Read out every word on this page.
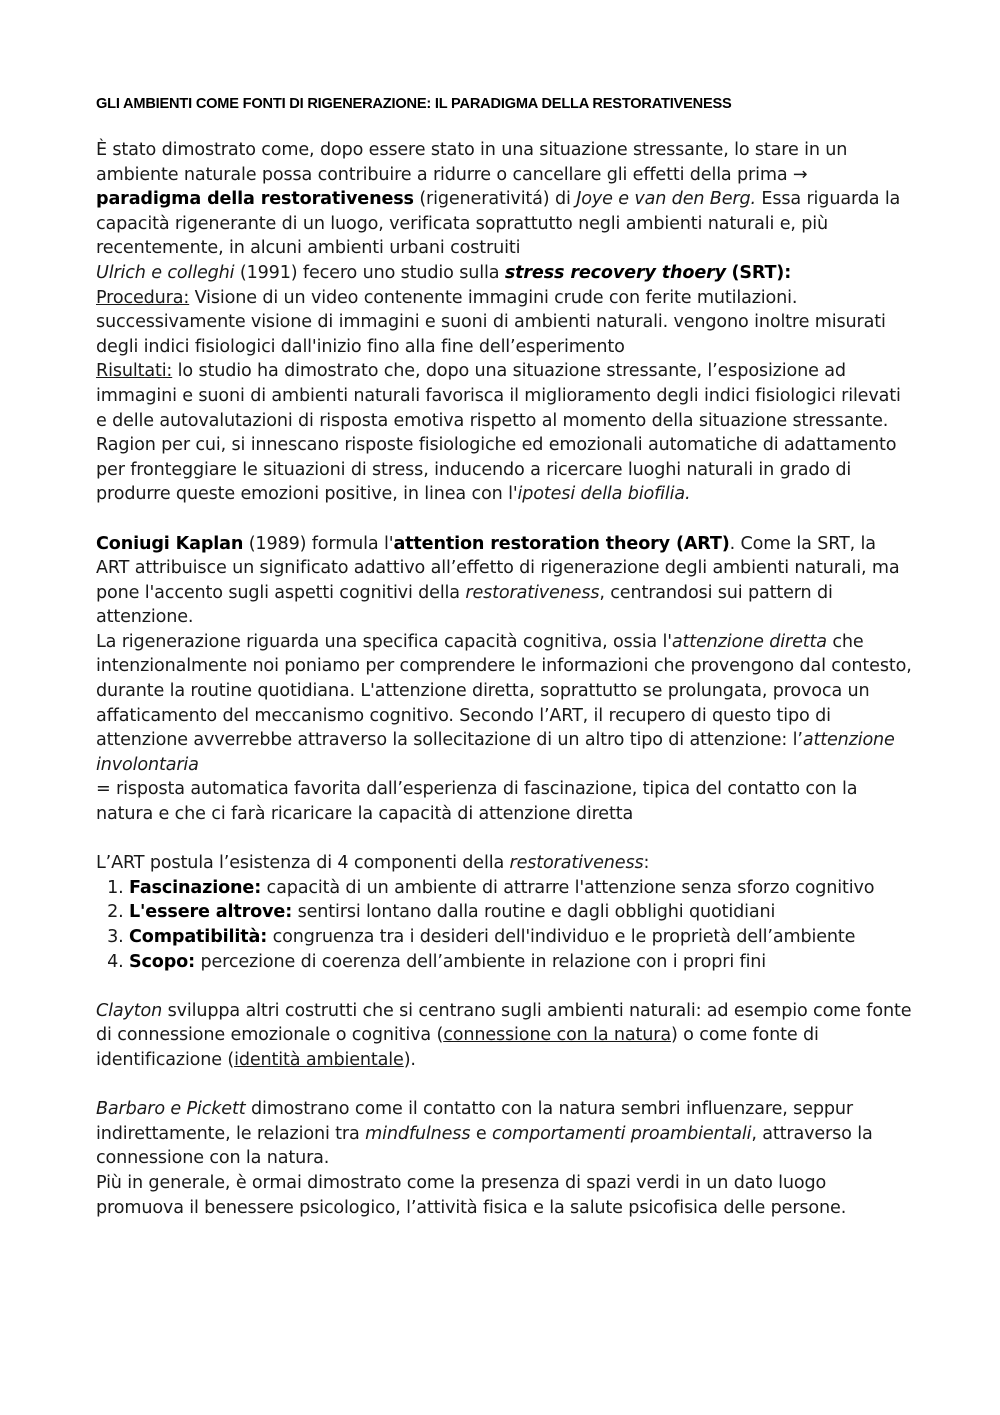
GLI AMBIENTI COME FONTI DI RIGENERAZIONE: IL PARADIGMA DELLA RESTORATIVENESS

È stato dimostrato come, dopo essere stato in una situazione stressante, lo stare in un ambiente naturale possa contribuire a ridurre o cancellare gli effetti della prima →  paradigma della restorativeness (rigenerativitá) di Joye e van den Berg. Essa riguarda la capacità rigenerante di un luogo, verificata soprattutto negli ambienti naturali e, più recentemente, in alcuni ambienti urbani costruiti

Ulrich e colleghi (1991) fecero uno studio sulla stress recovery thoery (SRT):

Procedura: Visione di un video contenente immagini crude con ferite mutilazioni. successivamente visione di immagini e suoni di ambienti naturali. vengono inoltre misurati degli indici fisiologici dall'inizio fino alla fine dell’esperimento

Risultati: lo studio ha dimostrato che, dopo una situazione stressante, l’esposizione ad immagini e suoni di ambienti naturali favorisca il miglioramento degli indici fisiologici rilevati e delle autovalutazioni di risposta emotiva rispetto al momento della situazione stressante.

Ragion per cui, si innescano risposte fisiologiche ed emozionali automatiche di adattamento per fronteggiare le situazioni di stress, inducendo a ricercare luoghi naturali in grado di produrre queste emozioni positive, in linea con l'ipotesi della biofilia.

Coniugi Kaplan (1989) formula l'attention restoration theory (ART). Come la SRT, la ART attribuisce un significato adattivo all’effetto di rigenerazione degli ambienti naturali, ma pone l'accento sugli aspetti cognitivi della restorativeness, centrandosi sui pattern di attenzione.

La rigenerazione riguarda una specifica capacità cognitiva, ossia l'attenzione diretta che intenzionalmente noi poniamo per comprendere le informazioni che provengono dal contesto, durante la routine quotidiana. L'attenzione diretta, soprattutto se prolungata, provoca un affaticamento del meccanismo cognitivo. Secondo l’ART, il recupero di questo tipo di attenzione avverrebbe attraverso la sollecitazione di un altro tipo di attenzione: l’attenzione involontaria
= risposta automatica favorita dall’esperienza di fascinazione, tipica del contatto con la natura e che ci farà ricaricare la capacità di attenzione diretta

L’ART postula l’esistenza di 4 componenti della restorativeness:

1. Fascinazione: capacità di un ambiente di attrarre l'attenzione senza sforzo cognitivo
2. L'essere altrove: sentirsi lontano dalla routine e dagli obblighi quotidiani
3. Compatibilità: congruenza tra i desideri dell'individuo e le proprietà dell’ambiente
4. Scopo: percezione di coerenza dell’ambiente in relazione con i propri fini

Clayton sviluppa altri costrutti che si centrano sugli ambienti naturali: ad esempio come fonte di connessione emozionale o cognitiva (connessione con la natura) o come fonte di identificazione (identità ambientale).

Barbaro e Pickett dimostrano come il contatto con la natura sembri influenzare, seppur indirettamente, le relazioni tra mindfulness e comportamenti proambientali, attraverso la connessione con la natura.

Più in generale, è ormai dimostrato come la presenza di spazi verdi in un dato luogo promuova il benessere psicologico, l’attività fisica e la salute psicofisica delle persone.
